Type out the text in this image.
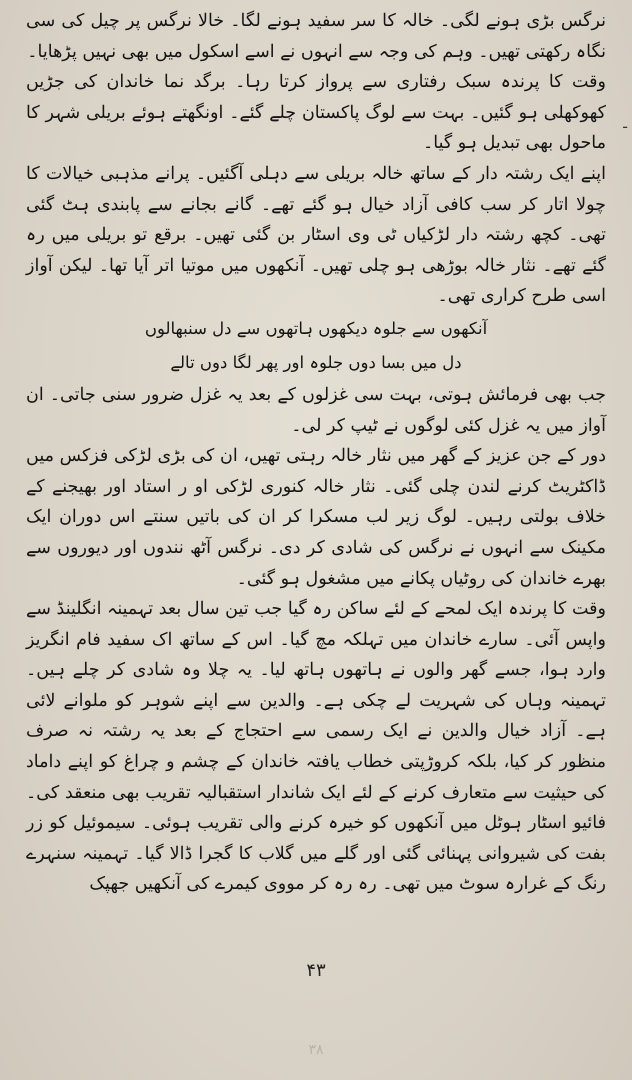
-

نرگس بڑی ہونے لگی۔ خالہ کا سر سفید ہونے لگا۔ خالا نرگس پر چیل کی سی نگاہ رکھتی تھیں۔ وہم کی وجہ سے انہوں نے اسے اسکول میں بھی نہیں پڑھایا۔

وقت کا پرندہ سبک رفتاری سے پرواز کرتا رہا۔ برگد نما خاندان کی جڑیں کھوکھلی ہو گئیں۔ بہت سے لوگ پاکستان چلے گئے۔ اونگھتے ہوئے بریلی شہر کا ماحول بھی تبدیل ہو گیا۔

اپنے ایک رشتہ دار کے ساتھ خالہ بریلی سے دہلی آگئیں۔ پرانے مذہبی خیالات کا چولا اتار کر سب کافی آزاد خیال ہو گئے تھے۔ گانے بجانے سے پابندی ہٹ گئی تھی۔ کچھ رشتہ دار لڑکیاں ٹی وی اسٹار بن گئی تھیں۔ برقع تو بریلی میں رہ گئے تھے۔ نثار خالہ بوڑھی ہو چلی تھیں۔ آنکھوں میں موتیا اتر آیا تھا۔ لیکن آواز اسی طرح کراری تھی۔

آنکھوں سے جلوہ دیکھوں ہاتھوں سے دل سنبھالوں

دل میں بسا دوں جلوہ اور پھر لگا دوں تالے

جب بھی فرمائش ہوتی، بہت سی غزلوں کے بعد یہ غزل ضرور سنی جاتی۔ ان آواز میں یہ غزل کئی لوگوں نے ٹیپ کر لی۔

دور کے جن عزیز کے گھر میں نثار خالہ رہتی تھیں، ان کی بڑی لڑکی فزکس میں ڈاکٹریٹ کرنے لندن چلی گئی۔ نثار خالہ کنوری لڑکی او ر استاد اور بھیجنے کے خلاف بولتی رہیں۔ لوگ زیر لب مسکرا کر ان کی باتیں سنتے اس دوران ایک مکینک سے انہوں نے نرگس کی شادی کر دی۔ نرگس آٹھ نندوں اور دیوروں سے بھرے خاندان کی روٹیاں پکانے میں مشغول ہو گئی۔

وقت کا پرندہ ایک لمحے کے لئے ساکن رہ گیا جب تین سال بعد تہمینہ انگلینڈ سے واپس آئی۔ سارے خاندان میں تہلکہ مچ گیا۔ اس کے ساتھ اک سفید فام انگریز وارد ہوا، جسے گھر والوں نے ہاتھوں ہاتھ لیا۔ یہ چلا وہ شادی کر چلے ہیں۔ تہمینہ وہاں کی شہریت لے چکی ہے۔ والدین سے اپنے شوہر کو ملوانے لائی ہے۔ آزاد خیال والدین نے ایک رسمی سے احتجاج کے بعد یہ رشتہ نہ صرف منظور کر کیا، بلکہ کروڑپتی خطاب یافتہ خاندان کے چشم و چراغ کو اپنے داماد کی حیثیت سے متعارف کرنے کے لئے ایک شاندار استقبالیہ تقریب بھی منعقد کی۔ فائیو اسٹار ہوٹل میں آنکھوں کو خیرہ کرنے والی تقریب ہوئی۔ سیموئیل کو زر بفت کی شیروانی پہنائی گئی اور گلے میں گلاب کا گجرا ڈالا گیا۔ تہمینہ سنہرے رنگ کے غرارہ سوٹ میں تھی۔ رہ رہ کر مووی کیمرے کی آنکھیں جھپک

۴۳
۳۸
